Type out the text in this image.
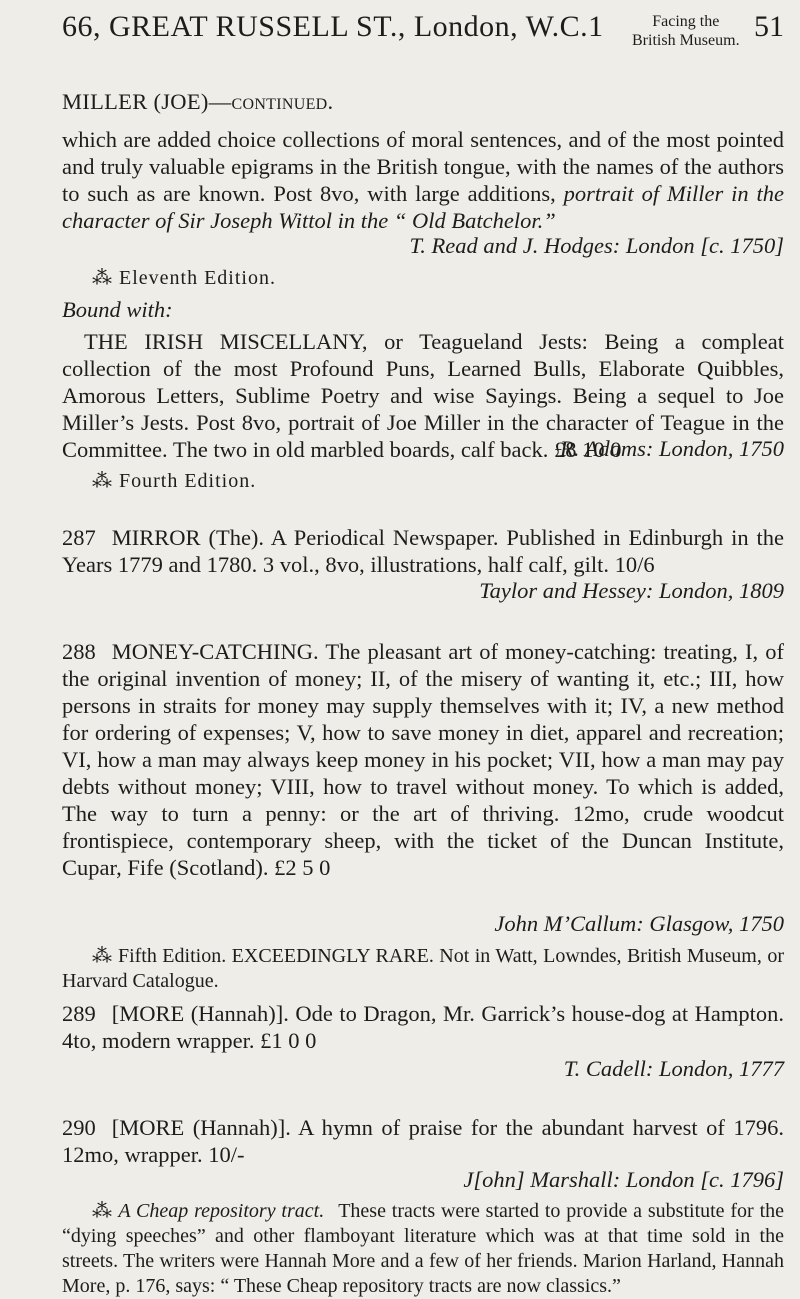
66, GREAT RUSSELL ST., London, W.C.1	Facing the
British Museum. 51
MILLER (JOE)—continued.

which are added choice collections of moral sentences, and of the most pointed and truly valuable epigrams in the British tongue, with the names of the authors to such as are known. Post 8vo, with large additions, portrait of Miller in the character of Sir Joseph Wittol in the “ Old Batchelor.”

T. Read and J. Hodges: London [c. 1750]
⁂ Eleventh Edition.
Bound with:

THE IRISH MISCELLANY, or Teagueland Jests: Being a compleat collection of the most Profound Puns, Learned Bulls, Elaborate Quibbles, Amorous Letters, Sublime Poetry and wise Sayings. Being a sequel to Joe Miller’s Jests. Post 8vo, portrait of Joe Miller in the character of Teague in the Committee. The two in old marbled boards, calf back. £8 10 0

R. Adams: London, 1750
⁂ Fourth Edition.

287 MIRROR (The). A Periodical Newspaper. Published in Edinburgh in the Years 1779 and 1780. 3 vol., 8vo, illustrations, half calf, gilt. 10/6

Taylor and Hessey: London, 1809

288 MONEY-CATCHING. The pleasant art of money-catching: treating, I, of the original invention of money; II, of the misery of wanting it, etc.; III, how persons in straits for money may supply themselves with it; IV, a new method for ordering of expenses; V, how to save money in diet, apparel and recreation; VI, how a man may always keep money in his pocket; VII, how a man may pay debts without money; VIII, how to travel without money. To which is added, The way to turn a penny: or the art of thriving. 12mo, crude woodcut frontispiece, contemporary sheep, with the ticket of the Duncan Institute, Cupar, Fife (Scotland). £2 5 0

John M’Callum: Glasgow, 1750
⁂ Fifth Edition. EXCEEDINGLY RARE. Not in Watt, Lowndes, British Museum, or Harvard Catalogue.

289 [MORE (Hannah)]. Ode to Dragon, Mr. Garrick’s house-dog at Hampton. 4to, modern wrapper. £1 0 0

T. Cadell: London, 1777

290 [MORE (Hannah)]. A hymn of praise for the abundant harvest of 1796. 12mo, wrapper. 10/-

J[ohn] Marshall: London [c. 1796]
⁂ A Cheap repository tract. These tracts were started to provide a substitute for the “dying speeches” and other flamboyant literature which was at that time sold in the streets. The writers were Hannah More and a few of her friends. Marion Harland, Hannah More, p. 176, says: “ These Cheap repository tracts are now classics.”
